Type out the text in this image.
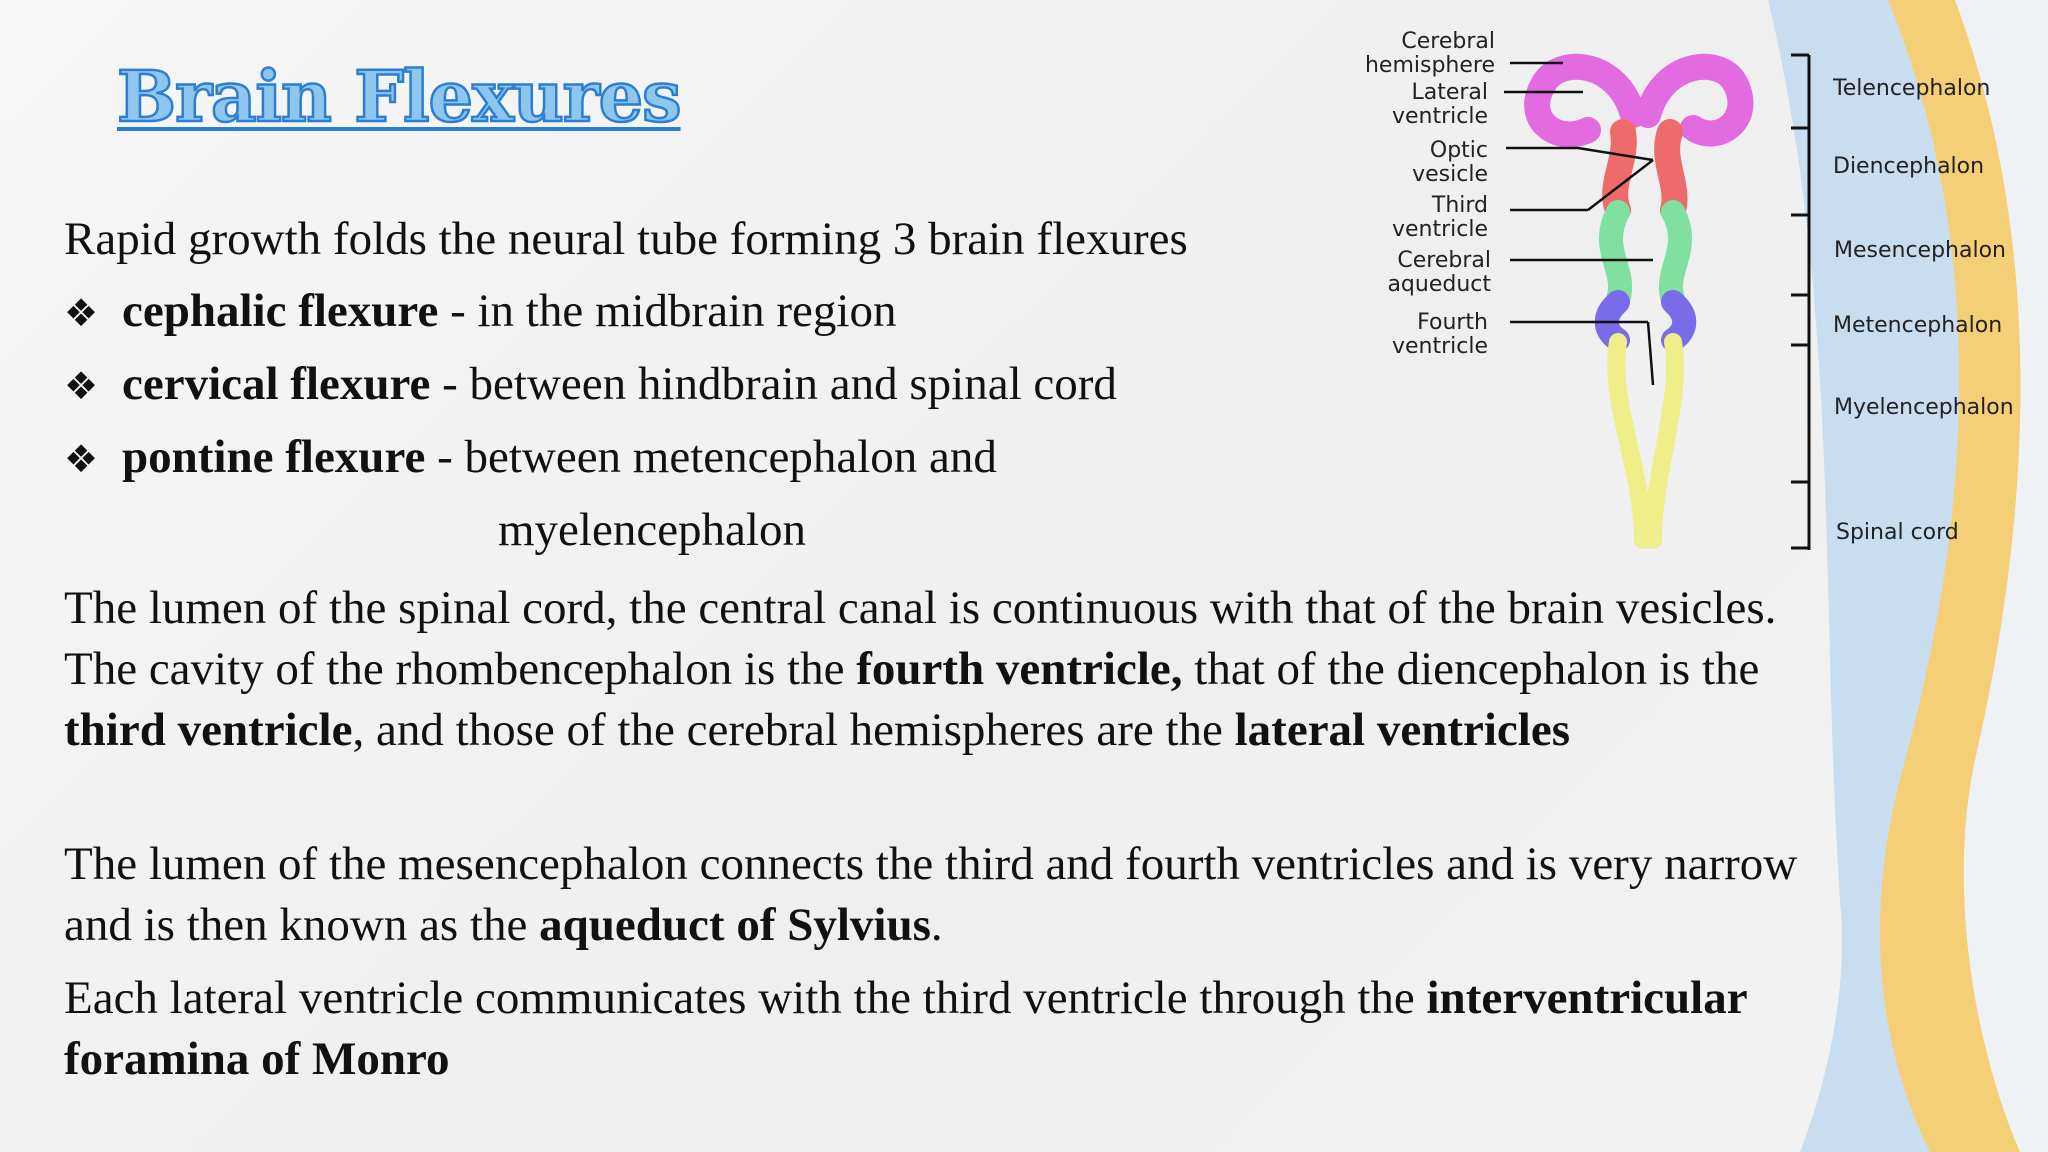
Brain Flexures

Rapid growth folds the neural tube forming 3 brain flexures

❖ cephalic flexure - in the midbrain region
❖ cervical flexure - between hindbrain and spinal cord
❖ pontine flexure - between metencephalon and
myelencephalon

The lumen of the spinal cord, the central canal is continuous with that of the brain vesicles. The cavity of the rhombencephalon is the fourth ventricle, that of the diencephalon is the third ventricle, and those of the cerebral hemispheres are the lateral ventricles

The lumen of the mesencephalon connects the third and fourth ventricles and is very narrow and is then known as the aqueduct of Sylvius.

Each lateral ventricle communicates with the third ventricle through the interventricular foramina of Monro

Cerebral hemisphere
Lateral ventricle
Optic vesicle
Third ventricle
Cerebral aqueduct
Fourth ventricle
Telencephalon
Diencephalon
Mesencephalon
Metencephalon
Myelencephalon
Spinal cord
